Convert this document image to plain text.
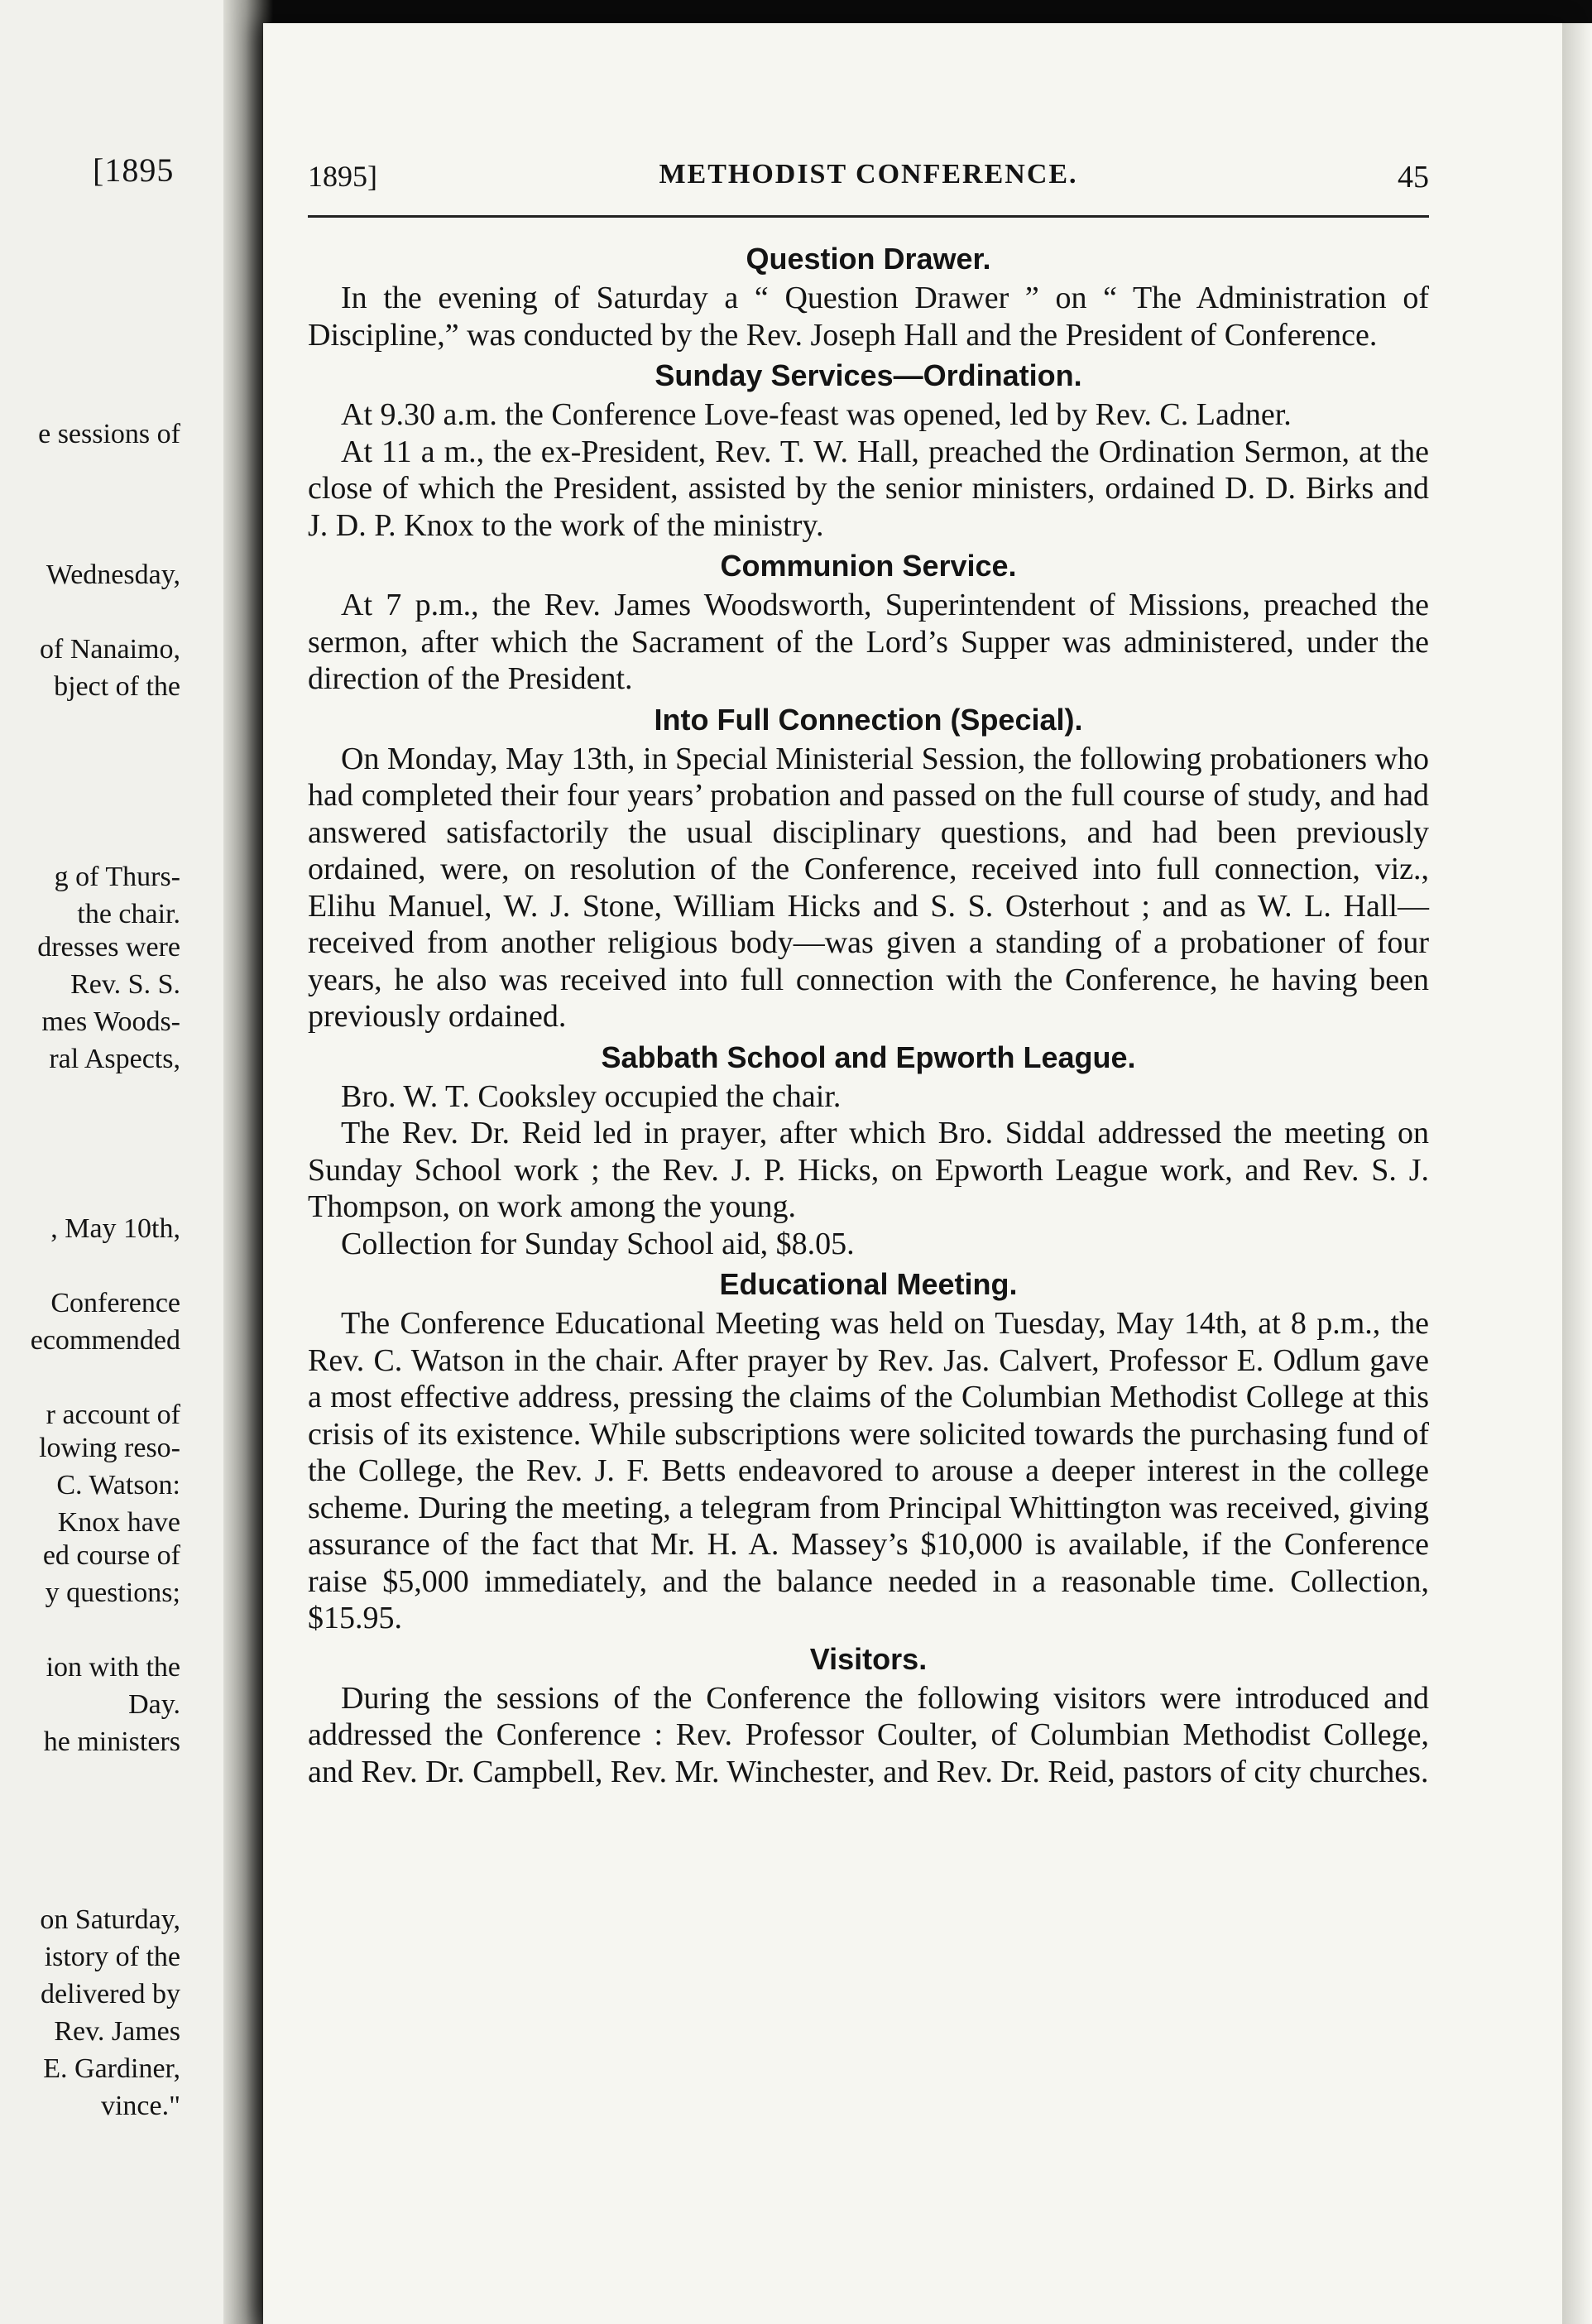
[1895
e sessions of
Wednesday,
of Nanaimo,
bject of the
g of Thurs-
the chair.
dresses were
Rev. S. S.
mes Woods-
ral Aspects,
, May 10th,
Conference
ecommended
r account of
lowing reso-
C. Watson:
Knox have
ed course of
y questions;
ion with the
Day.
he ministers
on Saturday,
istory of the
delivered by
Rev. James
E. Gardiner,
vince."
1895]	METHODIST CONFERENCE.	45
Question Drawer.

In the evening of Saturday a “ Question Drawer ” on “ The Administration of Discipline,” was conducted by the Rev. Joseph Hall and the President of Conference.

Sunday Services—Ordination.

At 9.30 a.m. the Conference Love-feast was opened, led by Rev. C. Ladner.

At 11 a m., the ex-President, Rev. T. W. Hall, preached the Ordination Sermon, at the close of which the President, assisted by the senior ministers, ordained D. D. Birks and J. D. P. Knox to the work of the ministry.

Communion Service.

At 7 p.m., the Rev. James Woodsworth, Superintendent of Missions, preached the sermon, after which the Sacrament of the Lord’s Supper was administered, under the direction of the President.

Into Full Connection (Special).

On Monday, May 13th, in Special Ministerial Session, the following probationers who had completed their four years’ probation and passed on the full course of study, and had answered satisfactorily the usual disciplinary questions, and had been previously ordained, were, on resolution of the Conference, received into full connection, viz., Elihu Manuel, W. J. Stone, William Hicks and S. S. Osterhout ; and as W. L. Hall—received from another religious body—was given a standing of a probationer of four years, he also was received into full connection with the Conference, he having been previously ordained.

Sabbath School and Epworth League.

Bro. W. T. Cooksley occupied the chair.

The Rev. Dr. Reid led in prayer, after which Bro. Siddal addressed the meeting on Sunday School work ; the Rev. J. P. Hicks, on Epworth League work, and Rev. S. J. Thompson, on work among the young.

Collection for Sunday School aid, $8.05.

Educational Meeting.

The Conference Educational Meeting was held on Tuesday, May 14th, at 8 p.m., the Rev. C. Watson in the chair. After prayer by Rev. Jas. Calvert, Professor E. Odlum gave a most effective address, pressing the claims of the Columbian Methodist College at this crisis of its existence. While subscriptions were solicited towards the purchasing fund of the College, the Rev. J. F. Betts endeavored to arouse a deeper interest in the college scheme. During the meeting, a telegram from Principal Whittington was received, giving assurance of the fact that Mr. H. A. Massey’s $10,000 is available, if the Conference raise $5,000 immediately, and the balance needed in a reasonable time. Collection, $15.95.

Visitors.

During the sessions of the Conference the following visitors were introduced and addressed the Conference : Rev. Professor Coulter, of Columbian Methodist College, and Rev. Dr. Campbell, Rev. Mr. Winchester, and Rev. Dr. Reid, pastors of city churches.
